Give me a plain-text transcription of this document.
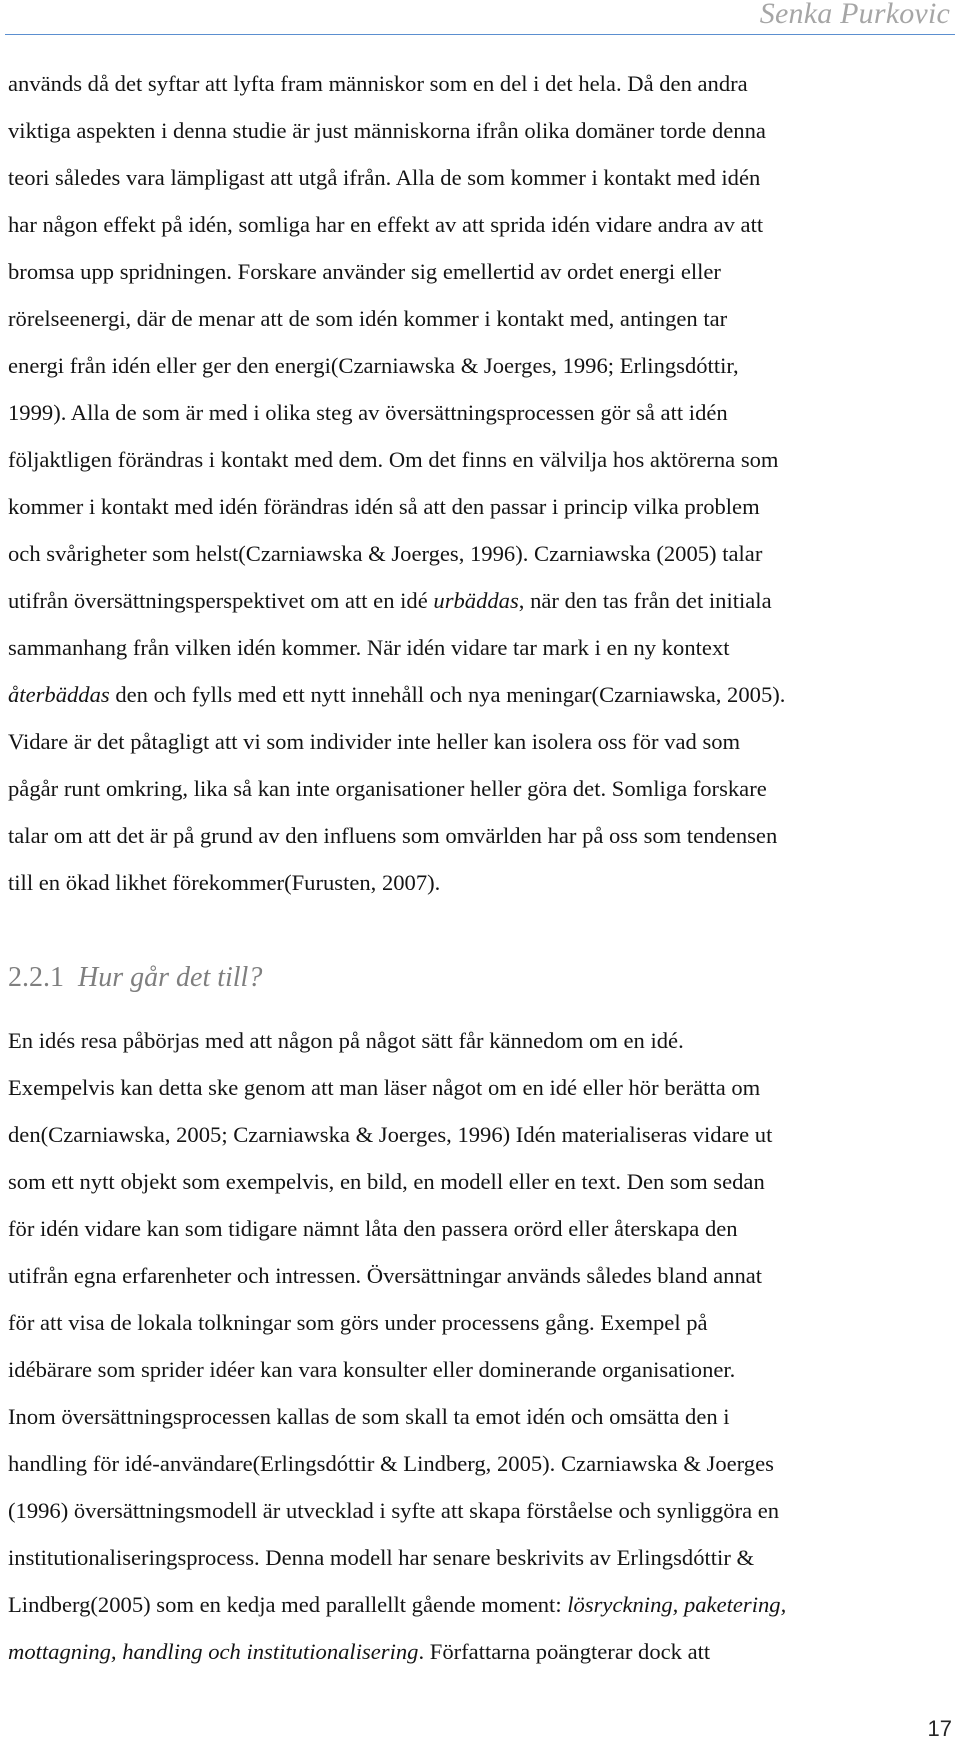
Senka Purkovic
används då det syftar att lyfta fram människor som en del i det hela. Då den andra
viktiga aspekten i denna studie är just människorna ifrån olika domäner torde denna
teori således vara lämpligast att utgå ifrån. Alla de som kommer i kontakt med idén
har någon effekt på idén, somliga har en effekt av att sprida idén vidare andra av att
bromsa upp spridningen. Forskare använder sig emellertid av ordet energi eller
rörelseenergi, där de menar att de som idén kommer i kontakt med, antingen tar
energi från idén eller ger den energi(Czarniawska & Joerges, 1996; Erlingsdóttir,
1999). Alla de som är med i olika steg av översättningsprocessen gör så att idén
följaktligen förändras i kontakt med dem. Om det finns en välvilja hos aktörerna som
kommer i kontakt med idén förändras idén så att den passar i princip vilka problem
och svårigheter som helst(Czarniawska & Joerges, 1996). Czarniawska (2005) talar
utifrån översättningsperspektivet om att en idé urbäddas, när den tas från det initiala
sammanhang från vilken idén kommer. När idén vidare tar mark i en ny kontext
återbäddas den och fylls med ett nytt innehåll och nya meningar(Czarniawska, 2005).
Vidare är det påtagligt att vi som individer inte heller kan isolera oss för vad som
pågår runt omkring, lika så kan inte organisationer heller göra det. Somliga forskare
talar om att det är på grund av den influens som omvärlden har på oss som tendensen
till en ökad likhet förekommer(Furusten, 2007).
2.2.1 Hur går det till?
En idés resa påbörjas med att någon på något sätt får kännedom om en idé.
Exempelvis kan detta ske genom att man läser något om en idé eller hör berätta om
den(Czarniawska, 2005; Czarniawska & Joerges, 1996) Idén materialiseras vidare ut
som ett nytt objekt som exempelvis, en bild, en modell eller en text. Den som sedan
för idén vidare kan som tidigare nämnt låta den passera orörd eller återskapa den
utifrån egna erfarenheter och intressen. Översättningar används således bland annat
för att visa de lokala tolkningar som görs under processens gång. Exempel på
idébärare som sprider idéer kan vara konsulter eller dominerande organisationer.
Inom översättningsprocessen kallas de som skall ta emot idén och omsätta den i
handling för idé-användare(Erlingsdóttir & Lindberg, 2005). Czarniawska & Joerges
(1996) översättningsmodell är utvecklad i syfte att skapa förståelse och synliggöra en
institutionaliseringsprocess. Denna modell har senare beskrivits av Erlingsdóttir &
Lindberg(2005) som en kedja med parallellt gående moment: lösryckning, paketering,
mottagning, handling och institutionalisering. Författarna poängterar dock att
17
